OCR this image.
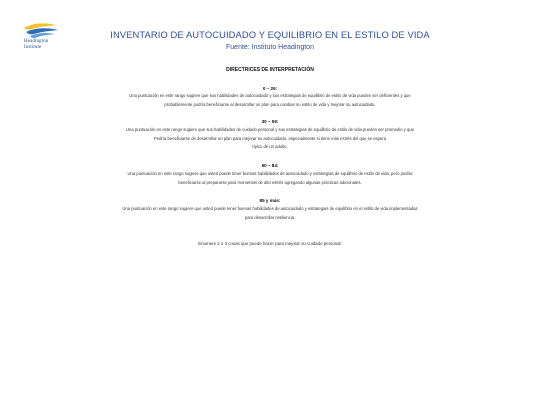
Headington
Institute
INVENTARIO DE AUTOCUIDADO Y EQUILIBRIO EN EL ESTILO DE VIDA
Fuente: Instituto Headington
DIRECTRICES DE INTERPRETACIÓN
0 – 29:
Una puntuación en este rango sugiere que sus habilidades de autocuidado y sus estrategias de equilibrio de estilo de vida pueden ser deficientes y que
probablemente podría beneficiarse al desarrollar un plan para cambiar su estilo de vida y mejorar su autocuidado.
30 – 59:
Una puntuación en este rango sugiere que sus habilidades de cuidado personal y sus estrategias de equilibrio de estilo de vida pueden ser promedio y que
Podría beneficiarse de desarrollar un plan para mejorar su autocuidado, especialmente si tiene más estrés del que se espera
típico de un adulto.
60 – 84:
Una puntuación en este rango sugiere que usted puede tener buenas habilidades de autocuidado y estrategias de equilibrio de estilo de vida, pero podría
beneficiarse al prepararse para momentos de alto estrés agregando algunas prácticas adicionales.
85 y más:
Una puntuación en este rango sugiere que usted puede tener buenas habilidades de autocuidado y estrategias de equilibrio en el estilo de vida implementadas
para desarrollar resiliencia.
Enumere 2 o 3 cosas que puede hacer para mejorar su cuidado personal:
